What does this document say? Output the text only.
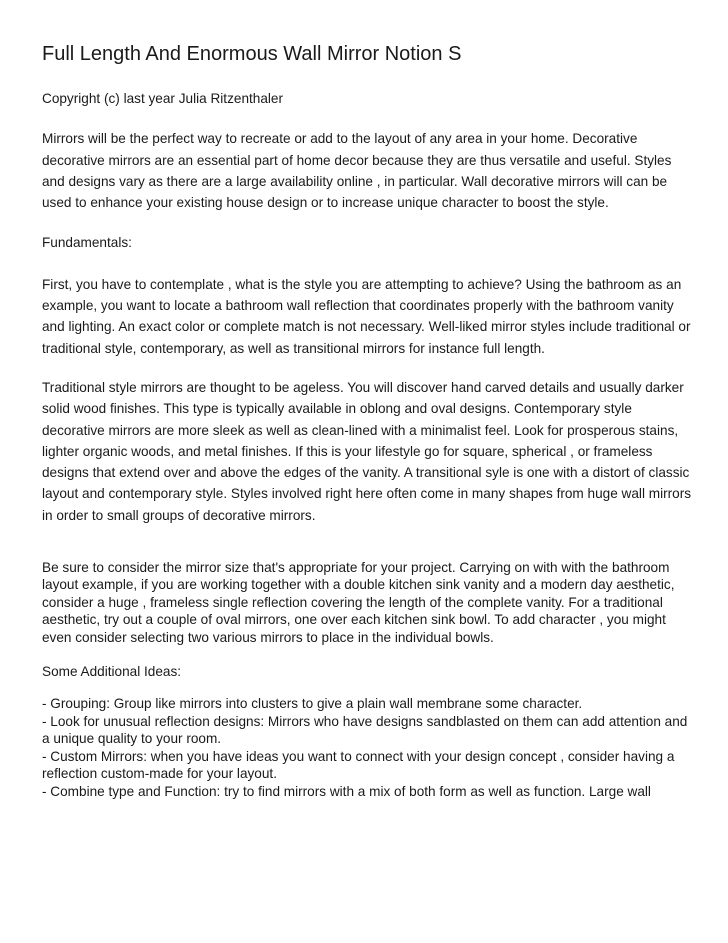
Full Length And Enormous Wall Mirror Notion S

Copyright (c) last year Julia Ritzenthaler

Mirrors will be the perfect way to recreate or add to the layout of any area in your home. Decorative decorative mirrors are an essential part of home decor because they are thus versatile and useful. Styles and designs vary as there are a large availability online , in particular. Wall decorative mirrors will can be used to enhance your existing house design or to increase unique character to boost the style.

Fundamentals:

First, you have to contemplate , what is the style you are attempting to achieve? Using the bathroom as an example, you want to locate a bathroom wall reflection that coordinates properly with the bathroom vanity and lighting. An exact color or complete match is not necessary. Well-liked mirror styles include traditional or traditional style, contemporary, as well as transitional mirrors for instance full length.

Traditional style mirrors are thought to be ageless. You will discover hand carved details and usually darker solid wood finishes. This type is typically available in oblong and oval designs. Contemporary style decorative mirrors are more sleek as well as clean-lined with a minimalist feel. Look for prosperous stains, lighter organic woods, and metal finishes. If this is your lifestyle go for square, spherical , or frameless designs that extend over and above the edges of the vanity. A transitional syle is one with a distort of classic layout and contemporary style. Styles involved right here often come in many shapes from huge wall mirrors in order to small groups of decorative mirrors.

Be sure to consider the mirror size that's appropriate for your project. Carrying on with with the bathroom layout example, if you are working together with a double kitchen sink vanity and a modern day aesthetic, consider a huge , frameless single reflection covering the length of the complete vanity. For a traditional aesthetic, try out a couple of oval mirrors, one over each kitchen sink bowl. To add character , you might even consider selecting two various mirrors to place in the individual bowls.

Some Additional Ideas:

- Grouping: Group like mirrors into clusters to give a plain wall membrane some character.
- Look for unusual reflection designs: Mirrors who have designs sandblasted on them can add attention and a unique quality to your room.
- Custom Mirrors: when you have ideas you want to connect with your design concept , consider having a reflection custom-made for your layout.
- Combine type and Function: try to find mirrors with a mix of both form as well as function. Large wall
